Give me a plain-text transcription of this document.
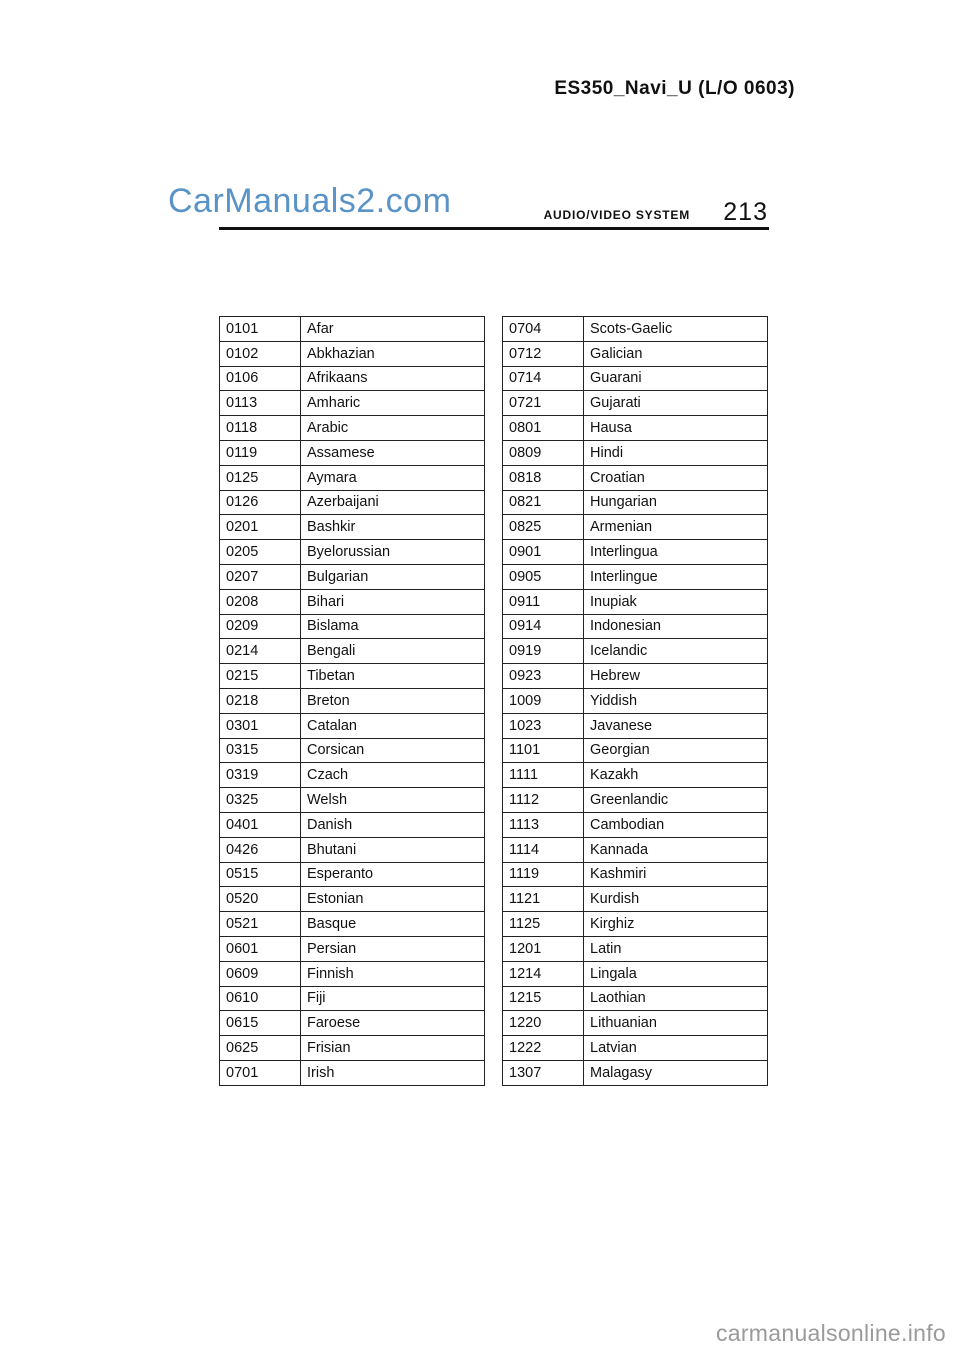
ES350_Navi_U (L/O 0603)
CarManuals2.com	AUDIO/VIDEO SYSTEM 213
0101	Afar
0102	Abkhazian
0106	Afrikaans
0113	Amharic
0118	Arabic
0119	Assamese
0125	Aymara
0126	Azerbaijani
0201	Bashkir
0205	Byelorussian
0207	Bulgarian
0208	Bihari
0209	Bislama
0214	Bengali
0215	Tibetan
0218	Breton
0301	Catalan
0315	Corsican
0319	Czach
0325	Welsh
0401	Danish
0426	Bhutani
0515	Esperanto
0520	Estonian
0521	Basque
0601	Persian
0609	Finnish
0610	Fiji
0615	Faroese
0625	Frisian
0701	Irish
0704	Scots-Gaelic
0712	Galician
0714	Guarani
0721	Gujarati
0801	Hausa
0809	Hindi
0818	Croatian
0821	Hungarian
0825	Armenian
0901	Interlingua
0905	Interlingue
0911	Inupiak
0914	Indonesian
0919	Icelandic
0923	Hebrew
1009	Yiddish
1023	Javanese
1101	Georgian
1111	Kazakh
1112	Greenlandic
1113	Cambodian
1114	Kannada
1119	Kashmiri
1121	Kurdish
1125	Kirghiz
1201	Latin
1214	Lingala
1215	Laothian
1220	Lithuanian
1222	Latvian
1307	Malagasy
carmanualsonline.info
